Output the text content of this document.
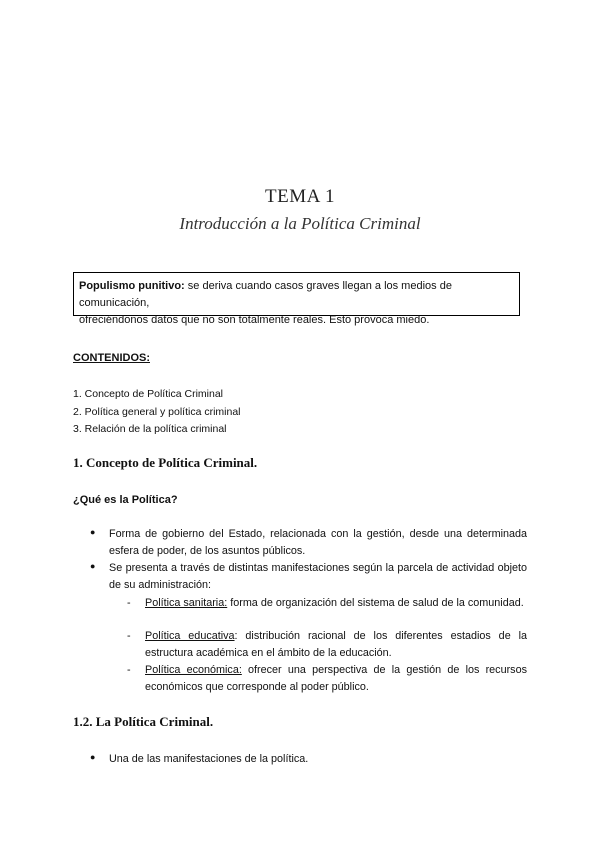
TEMA 1
Introducción a la Política Criminal
Populismo punitivo: se deriva cuando casos graves llegan a los medios de comunicación,
ofreciéndonos datos que no son totalmente reales. Esto provoca miedo.
CONTENIDOS:
1. Concepto de Política Criminal
2. Política general y política criminal
3. Relación de la política criminal
1. Concepto de Política Criminal.
¿Qué es la Política?
● Forma de gobierno del Estado, relacionada con la gestión, desde una determinada esfera de poder, de los asuntos públicos.
● Se presenta a través de distintas manifestaciones según la parcela de actividad objeto de su administración:
- Política sanitaria: forma de organización del sistema de salud de la comunidad.
- Política educativa: distribución racional de los diferentes estadios de la estructura académica en el ámbito de la educación.
- Política económica: ofrecer una perspectiva de la gestión de los recursos económicos que corresponde al poder público.
1.2. La Política Criminal.
● Una de las manifestaciones de la política.
